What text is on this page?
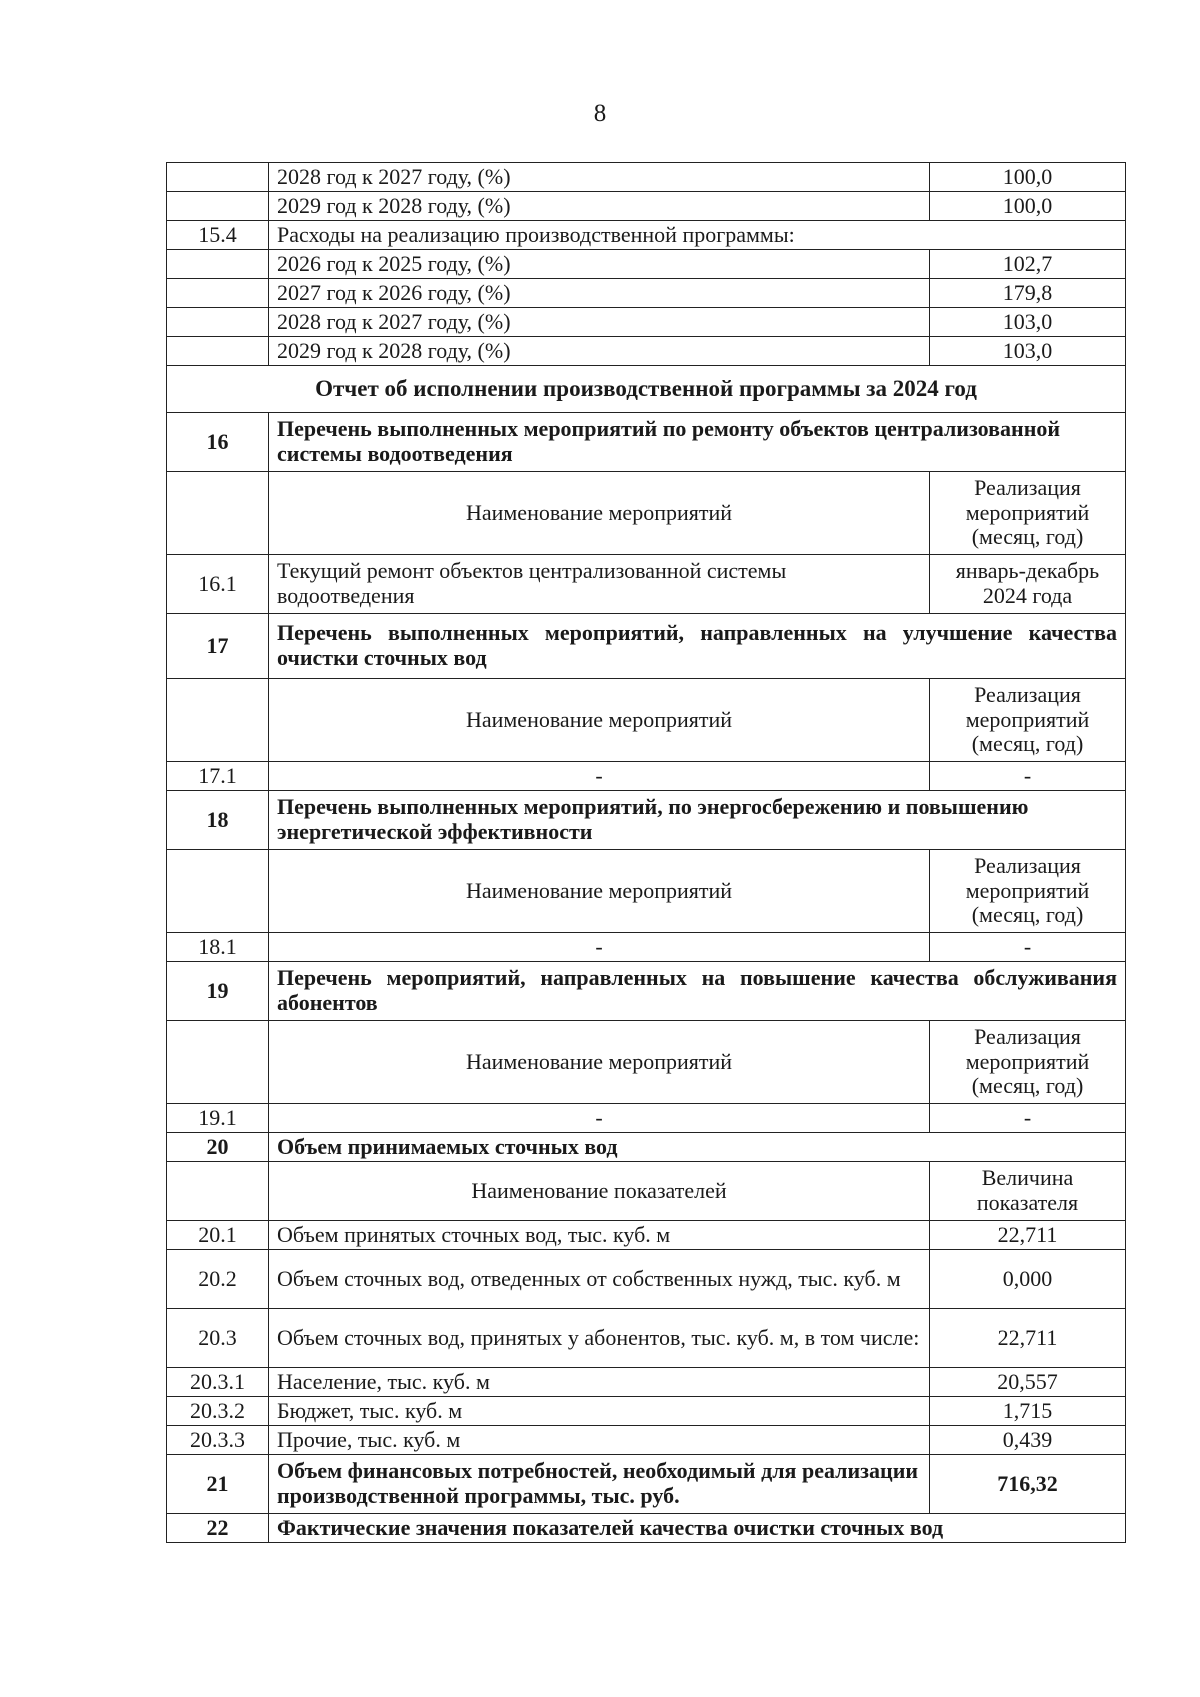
8
	2028 год к 2027 году, (%)	100,0
	2029 год к 2028 году, (%)	100,0
15.4	Расходы на реализацию производственной программы:	
	2026 год к 2025 году, (%)	102,7
	2027 год к 2026 году, (%)	179,8
	2028 год к 2027 году, (%)	103,0
	2029 год к 2028 году, (%)	103,0
Отчет об исполнении производственной программы за 2024 год		
16	Перечень выполненных мероприятий по ремонту объектов централизованной системы водоотведения	
	Наименование мероприятий	Реализация мероприятий (месяц, год)
16.1	Текущий ремонт объектов централизованной системы водоотведения	январь-декабрь 2024 года
17	Перечень выполненных мероприятий, направленных на улучшение качества очистки сточных вод	
	Наименование мероприятий	Реализация мероприятий (месяц, год)
17.1	-	-
18	Перечень выполненных мероприятий, по энергосбережению и повышению энергетической эффективности	
	Наименование мероприятий	Реализация мероприятий (месяц, год)
18.1	-	-
19	Перечень мероприятий, направленных на повышение качества обслуживания абонентов	
	Наименование мероприятий	Реализация мероприятий (месяц, год)
19.1	-	-
20	Объем принимаемых сточных вод	
	Наименование показателей	Величина показателя
20.1	Объем принятых сточных вод, тыс. куб. м	22,711
20.2	Объем сточных вод, отведенных от собственных нужд, тыс. куб. м	0,000
20.3	Объем сточных вод, принятых у абонентов, тыс. куб. м, в том числе:	22,711
20.3.1	Население, тыс. куб. м	20,557
20.3.2	Бюджет, тыс. куб. м	1,715
20.3.3	Прочие, тыс. куб. м	0,439
21	Объем финансовых потребностей, необходимый для реализации производственной программы, тыс. руб.	716,32
22	Фактические значения показателей качества очистки сточных вод	
